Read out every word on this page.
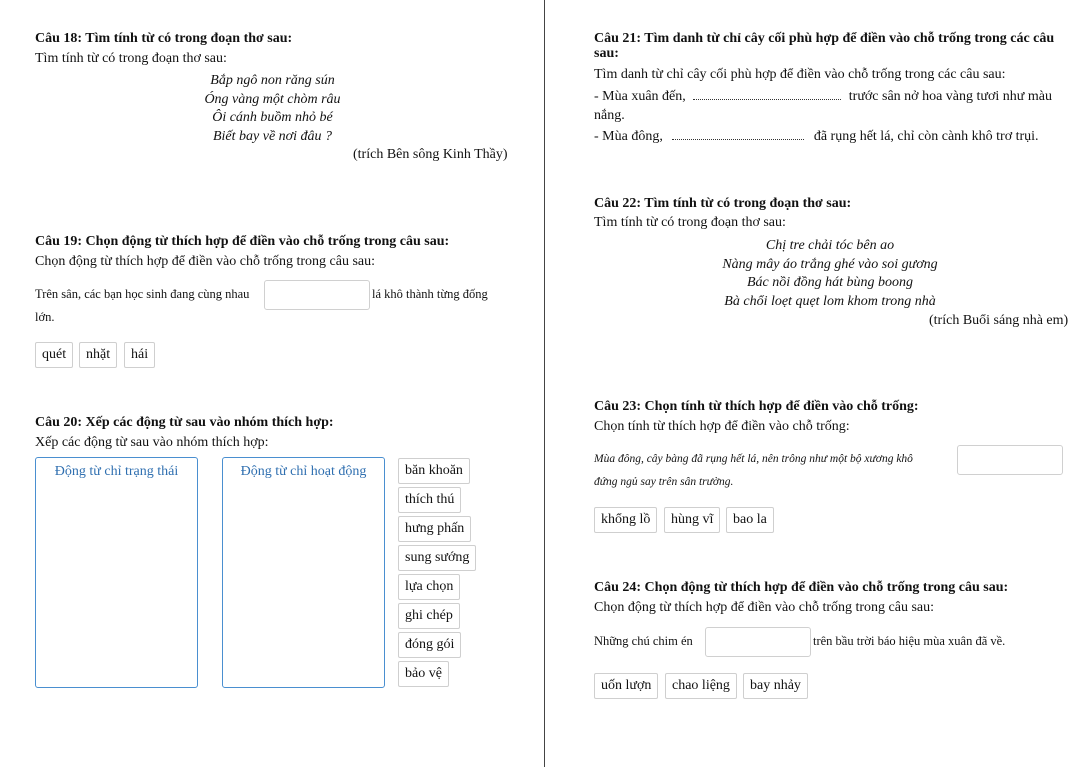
Câu 18: Tìm tính từ có trong đoạn thơ sau:
Tìm tính từ có trong đoạn thơ sau:
Bắp ngô non răng sún
Óng vàng một chòm râu
Ôi cánh buồm nhỏ bé
Biết bay về nơi đâu ?
(trích Bên sông Kinh Thầy)
Câu 19: Chọn động từ thích hợp để điền vào chỗ trống trong câu sau:
Chọn động từ thích hợp để điền vào chỗ trống trong câu sau:
Trên sân, các bạn học sinh đang cùng nhau	lá khô thành từng đống
lớn.
quét	nhặt	hái
Câu 20: Xếp các động từ sau vào nhóm thích hợp:
Xếp các động từ sau vào nhóm thích hợp:
Động từ chỉ trạng thái	Động từ chỉ hoạt động	băn khoăn
thích thú
hưng phấn
sung sướng
lựa chọn
ghi chép
đóng gói
bảo vệ
Câu 21: Tìm danh từ chỉ cây cối phù hợp để điền vào chỗ trống trong các câu
sau:
Tìm danh từ chỉ cây cối phù hợp để điền vào chỗ trống trong các câu sau:
- Mùa xuân đến,	trước sân nở hoa vàng tươi như màu
nắng.
- Mùa đông,	đã rụng hết lá, chỉ còn cành khô trơ trụi.
Câu 22: Tìm tính từ có trong đoạn thơ sau:
Tìm tính từ có trong đoạn thơ sau:
Chị tre chải tóc bên ao
Nàng mây áo trắng ghé vào soi gương
Bác nồi đồng hát bùng boong
Bà chổi loẹt quẹt lom khom trong nhà
(trích Buổi sáng nhà em)
Câu 23: Chọn tính từ thích hợp để điền vào chỗ trống:
Chọn tính từ thích hợp để điền vào chỗ trống:
Mùa đông, cây bàng đã rụng hết lá, nên trông như một bộ xương khô
đứng ngủ say trên sân trường.
khổng lồ	hùng vĩ	bao la
Câu 24: Chọn động từ thích hợp để điền vào chỗ trống trong câu sau:
Chọn động từ thích hợp để điền vào chỗ trống trong câu sau:
Những chú chim én	trên bầu trời báo hiệu mùa xuân đã về.
uốn lượn	chao liệng	bay nhảy
